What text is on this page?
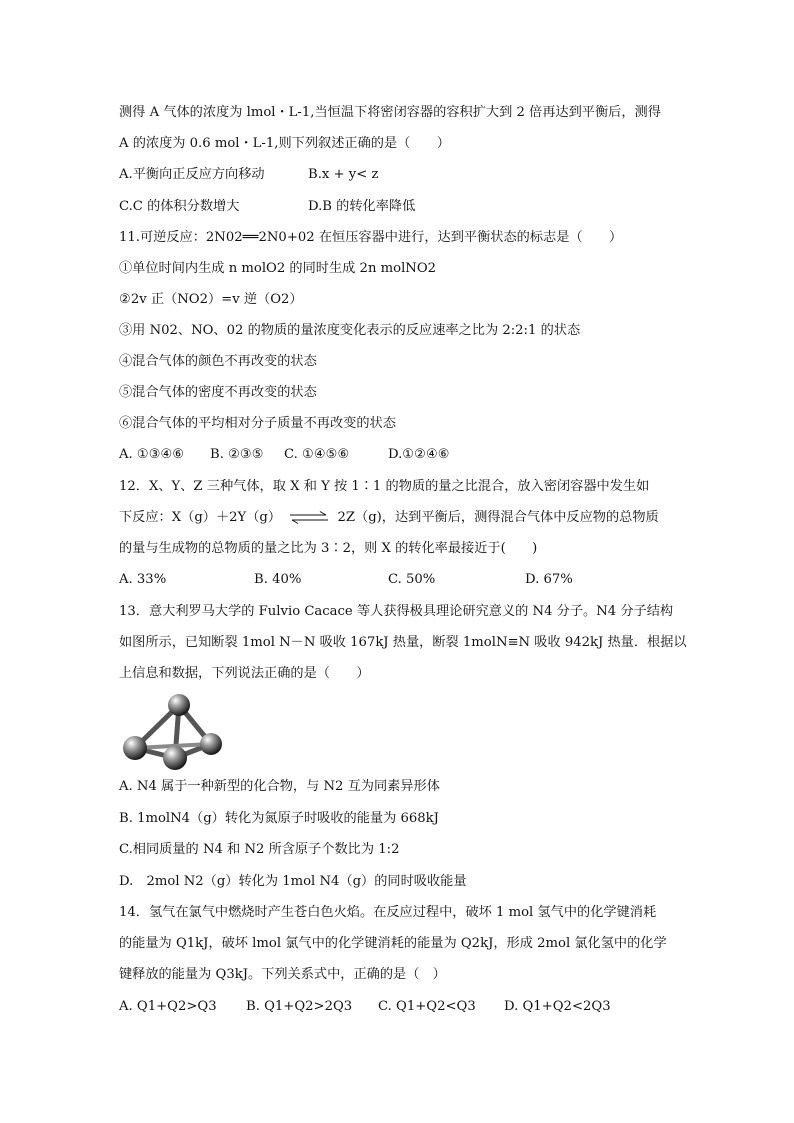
测得 A 气体的浓度为 lmol・L-1,当恒温下将密闭容器的容积扩大到 2 倍再达到平衡后，测得
A 的浓度为 0.6 mol・L-1,则下列叙述正确的是（　　）
A.平衡向正反应方向移动	B.x + y< z
C.C 的体积分数增大	D.B 的转化率降低
11.可逆反应：2N02══2N0+02 在恒压容器中进行，达到平衡状态的标志是（　　）
①单位时间内生成 n molO2 的同时生成 2n molNO2
②2v 正（NO2）=v 逆（O2）
③用 N02、NO、02 的物质的量浓度变化表示的反应速率之比为 2:2:1 的状态
④混合气体的颜色不再改变的状态
⑤混合气体的密度不再改变的状态
⑥混合气体的平均相对分子质量不再改变的状态
A. ①③④⑥ B. ②③⑤ C. ①④⑤⑥	D.①②④⑥
12．X、Y、Z 三种气体，取 X 和 Y 按 1∶1 的物质的量之比混合，放入密闭容器中发生如
下反应：X（g）＋2Y（g） ⇌ 2Z（g)，达到平衡后，测得混合气体中反应物的总物质
的量与生成物的总物质的量之比为 3∶2，则 X 的转化率最接近于(　　)
A. 33%	B. 40%	C. 50%	D. 67%
13．意大利罗马大学的 Fulvio Cacace 等人获得极具理论研究意义的 N4 分子。N4 分子结构
如图所示，已知断裂 1mol N－N 吸收 167kJ 热量，断裂 1molN≡N 吸收 942kJ 热量．根据以
上信息和数据，下列说法正确的是（　　）
A. N4 属于一种新型的化合物，与 N2 互为同素异形体
B. 1molN4（g）转化为氮原子时吸收的能量为 668kJ
C.相同质量的 N4 和 N2 所含原子个数比为 1:2
D.　2mol N2（g）转化为 1mol N4（g）的同时吸收能量
14．氢气在氯气中燃烧时产生苍白色火焰。在反应过程中，破坏 1 mol 氢气中的化学键消耗
的能量为 Q1kJ，破坏 lmol 氯气中的化学键消耗的能量为 Q2kJ，形成 2mol 氯化氢中的化学
键释放的能量为 Q3kJ。下列关系式中，正确的是（　）
A. Q1+Q2>Q3 B. Q1+Q2>2Q3 C. Q1+Q2<Q3 D. Q1+Q2<2Q3
